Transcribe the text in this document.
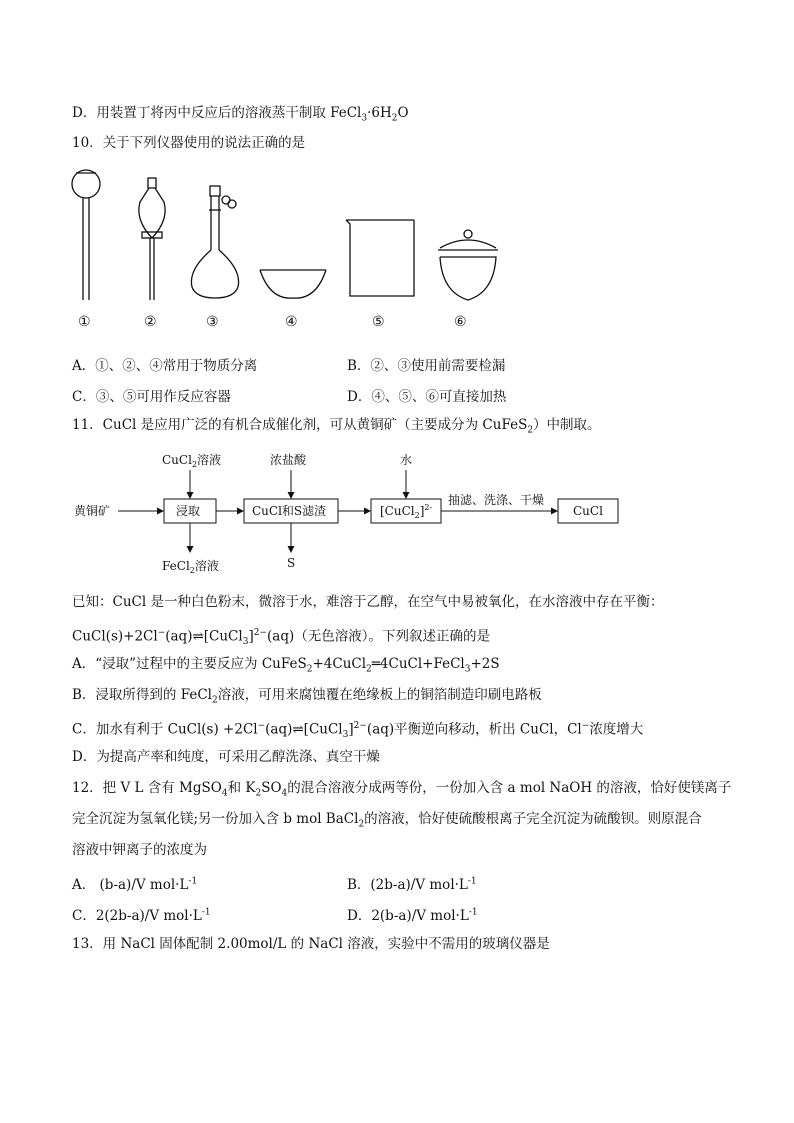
D．用装置丁将丙中反应后的溶液蒸干制取 $FeCl_3\cdot 6H_2O$
10．关于下列仪器使用的说法正确的是
①	②	③	④	⑤	⑥
A．①、②、④常用于物质分离	B．②、③使用前需要检漏
C．③、⑤可用作反应容器	D．④、⑤、⑥可直接加热
11．CuCl 是应用广泛的有机合成催化剂，可从黄铜矿（主要成分为 CuFeS$_2$）中制取。
黄铜矿	浸取	CuCl和S滤渣	[CuCl$_2$]$^{2-}$	CuCl
CuCl$_2$溶液	浓盐酸	水
抽滤、洗涤、干燥
FeCl$_2$溶液	S
已知：CuCl 是一种白色粉末，微溶于水，难溶于乙醇，在空气中易被氧化，在水溶液中存在平衡：
CuCl(s)+2Cl−(aq)⇌[CuCl$_3$]$^{2-}$(aq)（无色溶液）。下列叙述正确的是
A．“浸取”过程中的主要反应为 CuFeS$_2$+4CuCl$_2$═4CuCl+FeCl$_3$+2S
B．浸取所得到的 FeCl$_2$溶液，可用来腐蚀覆在绝缘板上的铜箔制造印刷电路板
C．加水有利于 CuCl(s) +2Cl−(aq)⇌[CuCl$_3$]$^{2-}$(aq)平衡逆向移动，析出 CuCl，Cl−浓度增大
D．为提高产率和纯度，可采用乙醇洗涤、真空干燥
12．把 V L 含有 MgSO$_4$和 $K_2SO_4$的混合溶液分成两等份，一份加入含 a mol NaOH 的溶液，恰好使镁离子
完全沉淀为氢氧化镁;另一份加入含 b mol BaCl$_2$的溶液，恰好使硫酸根离子完全沉淀为硫酸钡。则原混合
溶液中钾离子的浓度为
A． (b-a)/V $mol\cdot L^{-1}$	B．(2b-a)/V $mol\cdot L^{-1}$
C．2(2b-a)/V $mol\cdot L^{-1}$	D．2(b-a)/V $mol\cdot L^{-1}$
13．用 NaCl 固体配制 2.00mol/L 的 NaCl 溶液，实验中不需用的玻璃仪器是
